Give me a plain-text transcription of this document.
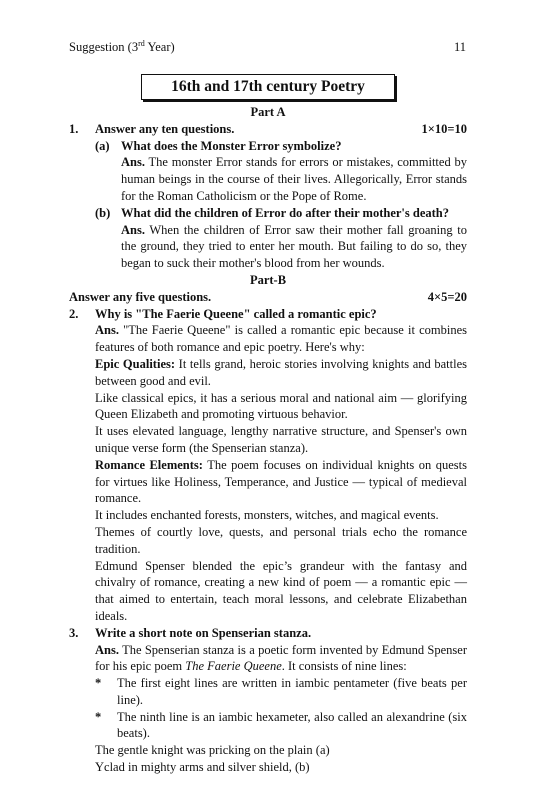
Suggestion (3rd Year)	11
16th and 17th century Poetry
Part A
1.	Answer any ten questions.	1×10=10
(a) What does the Monster Error symbolize?
Ans. The monster Error stands for errors or mistakes, committed by human beings in the course of their lives. Allegorically, Error stands for the Roman Catholicism or the Pope of Rome.
(b) What did the children of Error do after their mother's death?
Ans. When the children of Error saw their mother fall groaning to the ground, they tried to enter her mouth. But failing to do so, they began to suck their mother's blood from her wounds.
Part-B
Answer any five questions.	4×5=20
2.	Why is "The Faerie Queene" called a romantic epic?
Ans. "The Faerie Queene" is called a romantic epic because it combines features of both romance and epic poetry. Here's why:
Epic Qualities: It tells grand, heroic stories involving knights and battles between good and evil.
Like classical epics, it has a serious moral and national aim — glorifying Queen Elizabeth and promoting virtuous behavior.
It uses elevated language, lengthy narrative structure, and Spenser's own unique verse form (the Spenserian stanza).
Romance Elements: The poem focuses on individual knights on quests for virtues like Holiness, Temperance, and Justice — typical of medieval romance.
It includes enchanted forests, monsters, witches, and magical events.
Themes of courtly love, quests, and personal trials echo the romance tradition.
Edmund Spenser blended the epic’s grandeur with the fantasy and chivalry of romance, creating a new kind of poem — a romantic epic — that aimed to entertain, teach moral lessons, and celebrate Elizabethan ideals.
3.	Write a short note on Spenserian stanza.
Ans. The Spenserian stanza is a poetic form invented by Edmund Spenser for his epic poem The Faerie Queene. It consists of nine lines:
* The first eight lines are written in iambic pentameter (five beats per line).
* The ninth line is an iambic hexameter, also called an alexandrine (six beats).
The gentle knight was pricking on the plain (a)
Yclad in mighty arms and silver shield, (b)
